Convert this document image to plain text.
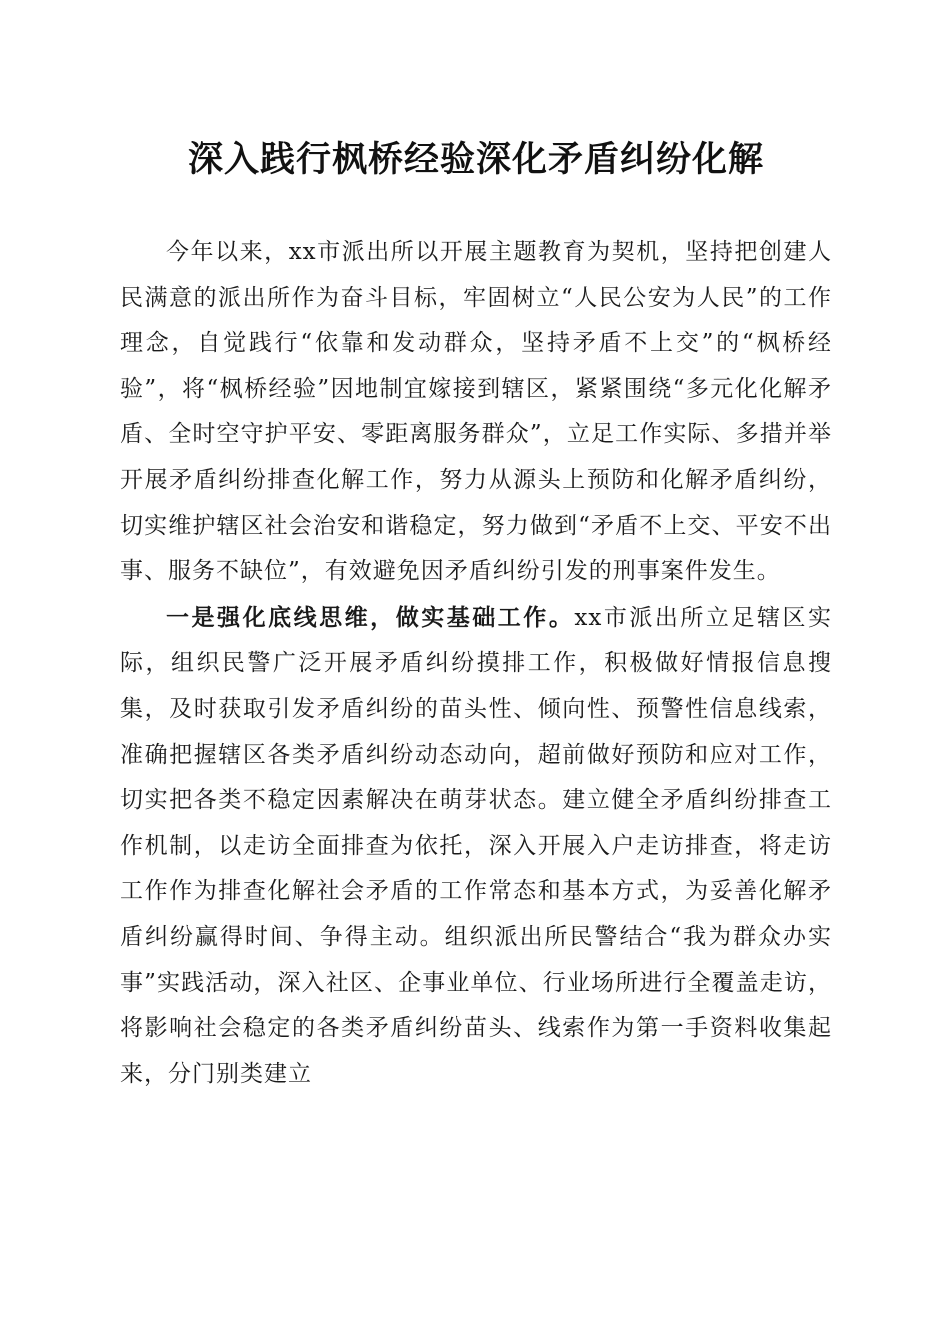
深入践行枫桥经验深化矛盾纠纷化解

今年以来，xx市派出所以开展主题教育为契机，坚持把创建人民满意的派出所作为奋斗目标，牢固树立“人民公安为人民”的工作理念，自觉践行“依靠和发动群众，坚持矛盾不上交”的“枫桥经验”，将“枫桥经验”因地制宜嫁接到辖区，紧紧围绕“多元化化解矛盾、全时空守护平安、零距离服务群众”，立足工作实际、多措并举开展矛盾纠纷排查化解工作，努力从源头上预防和化解矛盾纠纷，切实维护辖区社会治安和谐稳定，努力做到“矛盾不上交、平安不出事、服务不缺位”，有效避免因矛盾纠纷引发的刑事案件发生。

一是强化底线思维，做实基础工作。xx市派出所立足辖区实际，组织民警广泛开展矛盾纠纷摸排工作，积极做好情报信息搜集，及时获取引发矛盾纠纷的苗头性、倾向性、预警性信息线索，准确把握辖区各类矛盾纠纷动态动向，超前做好预防和应对工作，切实把各类不稳定因素解决在萌芽状态。建立健全矛盾纠纷排查工作机制，以走访全面排查为依托，深入开展入户走访排查，将走访工作作为排查化解社会矛盾的工作常态和基本方式，为妥善化解矛盾纠纷赢得时间、争得主动。组织派出所民警结合“我为群众办实事”实践活动，深入社区、企事业单位、行业场所进行全覆盖走访，将影响社会稳定的各类矛盾纠纷苗头、线索作为第一手资料收集起来，分门别类建立
